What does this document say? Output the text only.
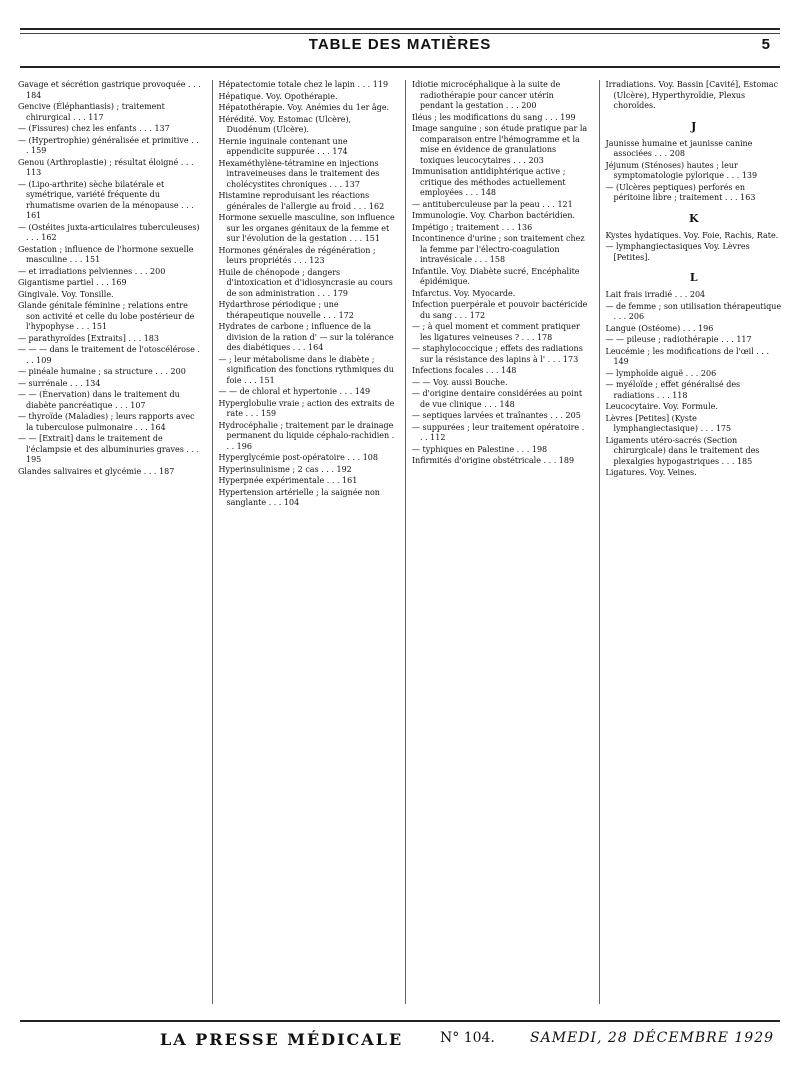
TABLE DES MATIÈRES	5
Gavage et sécrétion gastrique provoquée . . . 184
Gencive (Éléphantiasis) ; traitement chirurgical . . . 117
— (Fissures) chez les enfants . . . 137
— (Hypertrophie) généralisée et primitive . . . 159
Genou (Arthroplastie) ; résultat éloigné . . . 113
— (Lipo-arthrite) sèche bilatérale et symétrique, variété fréquente du rhumatisme ovarien de la ménopause . . . 161
— (Ostéites juxta-articulaires tuberculeuses) . . . 162
Gestation ; influence de l'hormone sexuelle masculine . . . 151
— et irradiations pelviennes . . . 200
Gigantisme partiel . . . 169
Gingivale. Voy. Tonsille.
Glande génitale féminine ; relations entre son activité et celle du lobe postérieur de l'hypophyse . . . 151
— parathyroïdes [Extraits] . . . 183
— — — dans le traitement de l'otoscélérose . . . 109
— pinéale humaine ; sa structure . . . 200
— surrénale . . . 134
— — (Énervation) dans le traitement du diabète pancréatique . . . 107
— thyroïde (Maladies) ; leurs rapports avec la tuberculose pulmonaire . . . 164
— — [Extrait] dans le traitement de l'éclampsie et des albuminuries graves . . . 195
Glandes salivaires et glycémie . . . 187
Hépatectomie totale chez le lapin . . . 119
Hépatique. Voy. Opothérapie.
Hépatothérapie. Voy. Anémies du 1er âge.
Hérédité. Voy. Estomac (Ulcère), Duodénum (Ulcère).
Hernie inguinale contenant une appendicite suppurée . . . 174
Hexaméthylène-tétramine en injections intraveineuses dans le traitement des cholécystites chroniques . . . 137
Histamine reproduisant les réactions générales de l'allergie au froid . . . 162
Hormone sexuelle masculine, son influence sur les organes génitaux de la femme et sur l'évolution de la gestation . . . 151
Hormones générales de régénération ; leurs propriétés . . . 123
Huile de chénopode ; dangers d'intoxication et d'idiosyncrasie au cours de son administration . . . 179
Hydarthrose périodique ; une thérapeutique nouvelle . . . 172
Hydrates de carbone ; influence de la division de la ration d' — sur la tolérance des diabétiques . . . 164
— ; leur métabolisme dans le diabète ; signification des fonctions rythmiques du foie . . . 151
— — de chloral et hypertonie . . . 149
Hyperglobulie vraie ; action des extraits de rate . . . 159
Hydrocéphalie ; traitement par le drainage permanent du liquide céphalo-rachidien . . . 196
Hyperglycémie post-opératoire . . . 108
Hyperinsulinisme ; 2 cas . . . 192
Hyperpnée expérimentale . . . 161
Hypertension artérielle ; la saignée non sanglante . . . 104
Idiotie microcéphalique à la suite de radiothérapie pour cancer utérin pendant la gestation . . . 200
Iléus ; les modifications du sang . . . 199
Image sanguine ; son étude pratique par la comparaison entre l'hémogramme et la mise en évidence de granulations toxiques leucocytaires . . . 203
Immunisation antidiphtérique active ; critique des méthodes actuellement employées . . . 148
— antituberculeuse par la peau . . . 121
Immunologie. Voy. Charbon bactéridien.
Impétigo ; traitement . . . 136
Incontinence d'urine ; son traitement chez la femme par l'électro-coagulation intravésicale . . . 158
Infantile. Voy. Diabète sucré, Encéphalite épidémique.
Infarctus. Voy. Myocarde.
Infection puerpérale et pouvoir bactéricide du sang . . . 172
— ; à quel moment et comment pratiquer les ligatures veineuses ? . . . 178
— staphylococcique ; effets des radiations sur la résistance des lapins à l' . . . 173
Infections focales . . . 148
— — Voy. aussi Bouche.
— d'origine dentaire considérées au point de vue clinique . . . 148
— septiques larvées et traînantes . . . 205
— suppurées ; leur traitement opératoire . . . 112
— typhiques en Palestine . . . 198
Infirmités d'origine obstétricale . . . 189
Irradiations. Voy. Bassin [Cavité], Estomac (Ulcère), Hyperthyroïdie, Plexus choroïdes.
J
Jaunisse humaine et jaunisse canine associées . . . 208
Jéjunum (Sténoses) hautes ; leur symptomatologie pylorique . . . 139
— (Ulcères peptiques) perforés en péritoine libre ; traitement . . . 163
K
Kystes hydatiques. Voy. Foie, Rachis, Rate.
— lymphangiectasiques Voy. Lèvres [Petites].
L
Lait frais irradié . . . 204
— de femme ; son utilisation thérapeutique . . . 206
Langue (Ostéome) . . . 196
— — pileuse ; radiothérapie . . . 117
Leucémie ; les modifications de l'œil . . . 149
— lymphoïde aiguë . . . 206
— myéloïde ; effet généralisé des radiations . . . 118
Leucocytaire. Voy. Formule.
Lèvres [Petites] (Kyste lymphangiectasique) . . . 175
Ligaments utéro-sacrés (Section chirurgicale) dans le traitement des plexalgies hypogastriques . . . 185
Ligatures. Voy. Veines.
LA PRESSE MÉDICALE	N° 104.	SAMEDI, 28 DÉCEMBRE 1929
